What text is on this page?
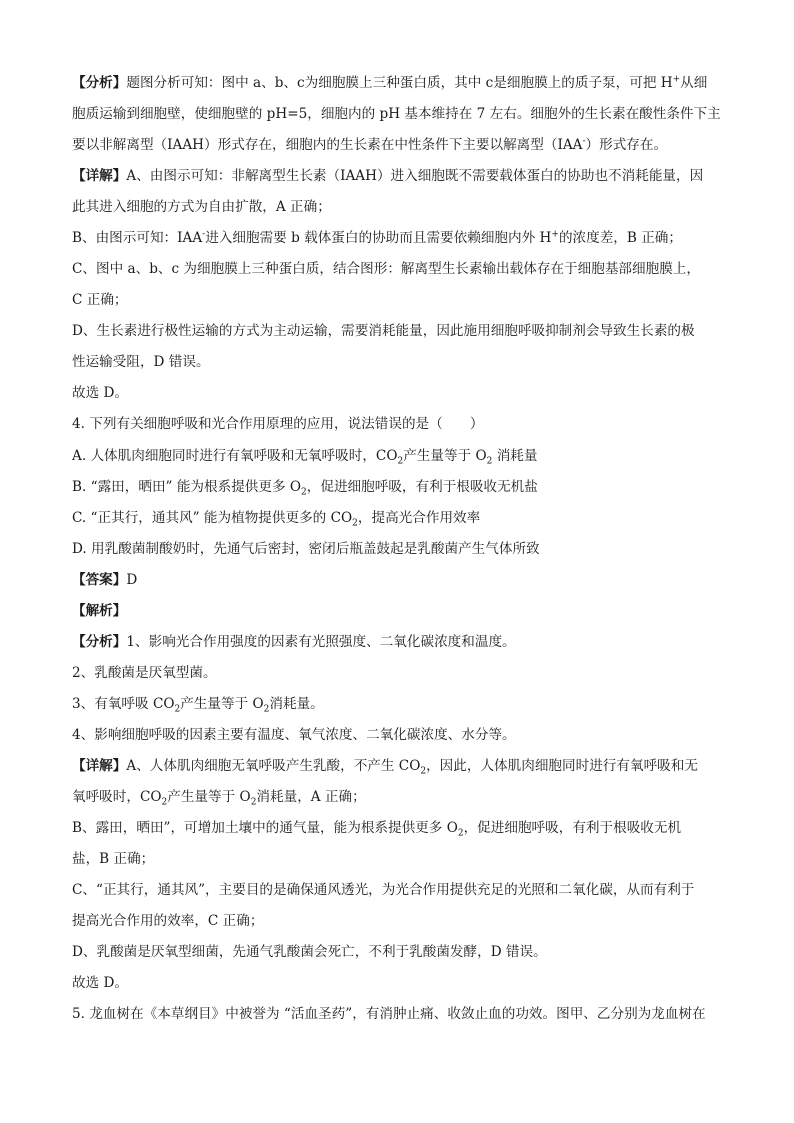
【分析】题图分析可知：图中 a、b、c为细胞膜上三种蛋白质，其中 c是细胞膜上的质子泵，可把 H+从细
胞质运输到细胞壁，使细胞壁的 pH=5，细胞内的 pH 基本维持在 7 左右。细胞外的生长素在酸性条件下主
要以非解离型（IAAH）形式存在，细胞内的生长素在中性条件下主要以解离型（IAA-）形式存在。
【详解】A、由图示可知：非解离型生长素（IAAH）进入细胞既不需要载体蛋白的协助也不消耗能量，因
此其进入细胞的方式为自由扩散，A 正确；
B、由图示可知：IAA-进入细胞需要 b 载体蛋白的协助而且需要依赖细胞内外 H+的浓度差，B 正确；
C、图中 a、b、c 为细胞膜上三种蛋白质，结合图形：解离型生长素输出载体存在于细胞基部细胞膜上，
C 正确；
D、生长素进行极性运输的方式为主动运输，需要消耗能量，因此施用细胞呼吸抑制剂会导致生长素的极
性运输受阻，D 错误。
故选 D。
4. 下列有关细胞呼吸和光合作用原理的应用，说法错误的是（　　）
A. 人体肌肉细胞同时进行有氧呼吸和无氧呼吸时，$CO_2$产生量等于 $O_2$ 消耗量
B. “露田，晒田” 能为根系提供更多 $O_2$，促进细胞呼吸，有利于根吸收无机盐
C. “正其行，通其风” 能为植物提供更多的 $CO_2$，提高光合作用效率
D. 用乳酸菌制酸奶时，先通气后密封，密闭后瓶盖鼓起是乳酸菌产生气体所致
【答案】D
【解析】
【分析】1、影响光合作用强度的因素有光照强度、二氧化碳浓度和温度。
2、乳酸菌是厌氧型菌。
3、有氧呼吸 $CO_2$产生量等于 $O_2$消耗量。
4、影响细胞呼吸的因素主要有温度、氧气浓度、二氧化碳浓度、水分等。
【详解】A、人体肌肉细胞无氧呼吸产生乳酸，不产生 $CO_2$，因此，人体肌肉细胞同时进行有氧呼吸和无
氧呼吸时，$CO_2$产生量等于 $O_2$消耗量，A 正确；
B、露田，晒田”，可增加土壤中的通气量，能为根系提供更多 $O_2$，促进细胞呼吸，有利于根吸收无机
盐，B 正确；
C、“正其行，通其风”，主要目的是确保通风透光，为光合作用提供充足的光照和二氧化碳，从而有利于
提高光合作用的效率，C 正确；
D、乳酸菌是厌氧型细菌，先通气乳酸菌会死亡，不利于乳酸菌发酵，D 错误。
故选 D。
5. 龙血树在《本草纲目》中被誉为 “活血圣药”，有消肿止痛、收敛止血的功效。图甲、乙分别为龙血树在
